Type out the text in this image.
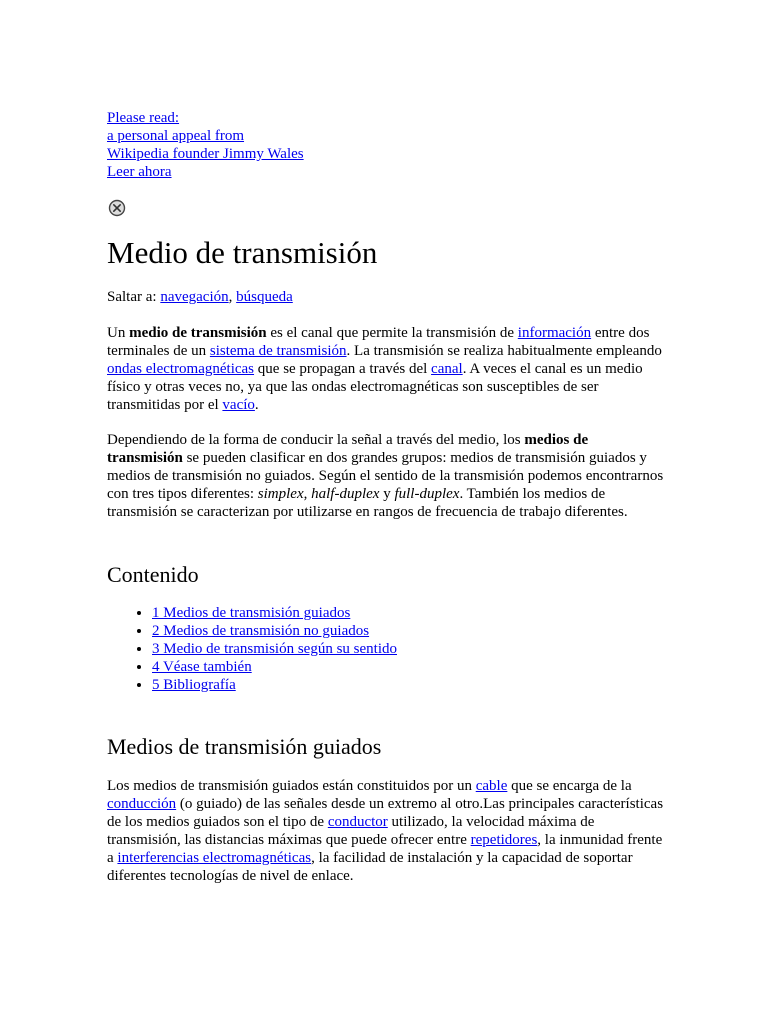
Please read:
a personal appeal from
Wikipedia founder Jimmy Wales
Leer ahora
Medio de transmisión
Saltar a: navegación, búsqueda

Un medio de transmisión es el canal que permite la transmisión de información entre dos terminales de un sistema de transmisión. La transmisión se realiza habitualmente empleando ondas electromagnéticas que se propagan a través del canal. A veces el canal es un medio físico y otras veces no, ya que las ondas electromagnéticas son susceptibles de ser transmitidas por el vacío.

Dependiendo de la forma de conducir la señal a través del medio, los medios de transmisión se pueden clasificar en dos grandes grupos: medios de transmisión guiados y medios de transmisión no guiados. Según el sentido de la transmisión podemos encontrarnos con tres tipos diferentes: simplex, half-duplex y full-duplex. También los medios de transmisión se caracterizan por utilizarse en rangos de frecuencia de trabajo diferentes.

Contenido
• 1 Medios de transmisión guiados
• 2 Medios de transmisión no guiados
• 3 Medio de transmisión según su sentido
• 4 Véase también
• 5 Bibliografía
Medios de transmisión guiados

Los medios de transmisión guiados están constituidos por un cable que se encarga de la conducción (o guiado) de las señales desde un extremo al otro.Las principales características de los medios guiados son el tipo de conductor utilizado, la velocidad máxima de transmisión, las distancias máximas que puede ofrecer entre repetidores, la inmunidad frente a interferencias electromagnéticas, la facilidad de instalación y la capacidad de soportar diferentes tecnologías de nivel de enlace.
